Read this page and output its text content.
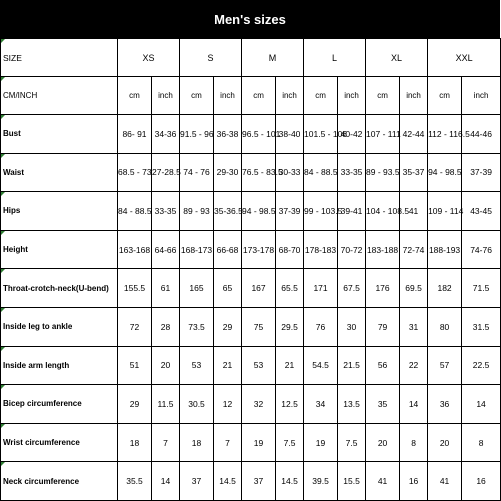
Men's sizes
SIZE	XS		S		M		L		XL		XXL	
CM/INCH	cm	inch	cm	inch	cm	inch	cm	inch	cm	inch	cm	inch
Bust	86- 91	34-36	91.5 - 96	36-38	96.5 - 101	38-40	101.5 - 106	40-42	107 - 111	42-44	112 - 116.5	44-46
Waist	68.5 - 73	27-28.5	74 - 76	29-30	76.5 - 83.5	30-33	84 - 88.5	33-35	89 - 93.5	35-37	94 - 98.5	37-39
Hips	84 - 88.5	33-35	89 - 93	35-36.5	94 - 98.5	37-39	99 - 103.5	39-41	104 - 108.5	41	109 - 114	43-45
Height	163-168	64-66	168-173	66-68	173-178	68-70	178-183	70-72	183-188	72-74	188-193	74-76
Throat-crotch-neck(U-bend)	155.5	61	165	65	167	65.5	171	67.5	176	69.5	182	71.5
Inside leg to ankle	72	28	73.5	29	75	29.5	76	30	79	31	80	31.5
Inside arm length	51	20	53	21	53	21	54.5	21.5	56	22	57	22.5
Bicep circumference	29	11.5	30.5	12	32	12.5	34	13.5	35	14	36	14
Wrist circumference	18	7	18	7	19	7.5	19	7.5	20	8	20	8
Neck circumference	35.5	14	37	14.5	37	14.5	39.5	15.5	41	16	41	16
